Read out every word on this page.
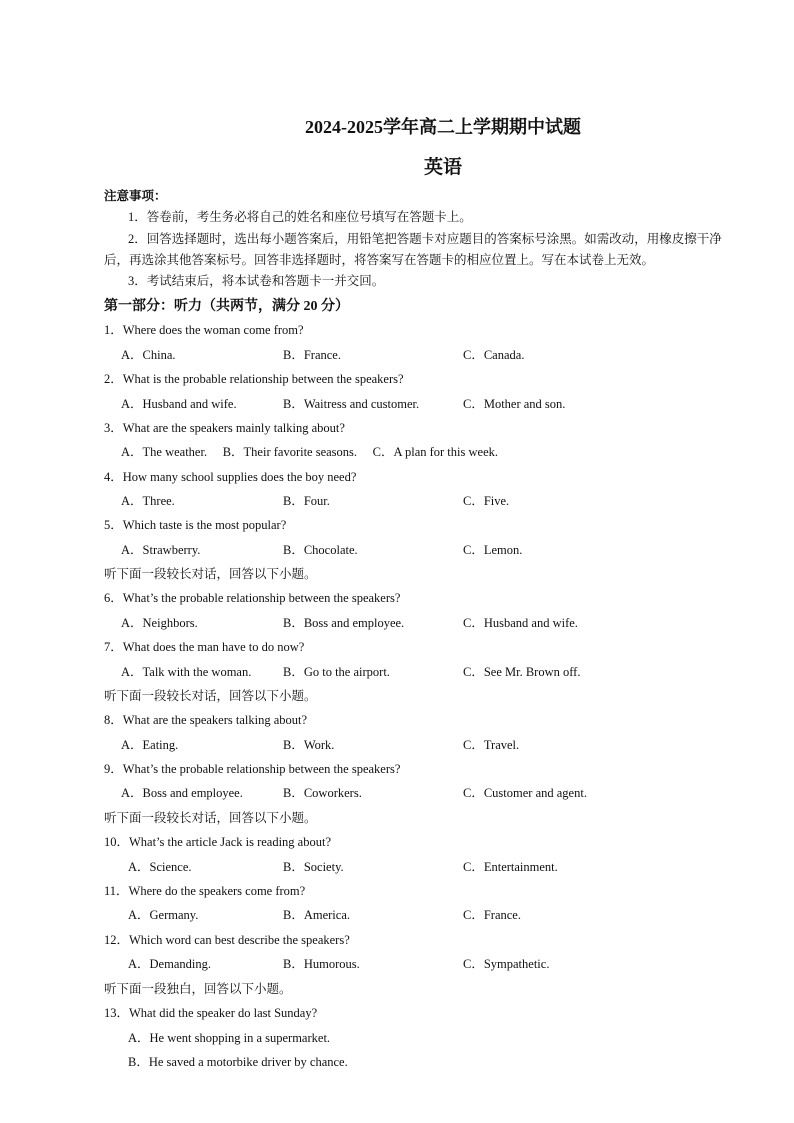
2024-2025学年高二上学期期中试题
英语
注意事项：
1．答卷前，考生务必将自己的姓名和座位号填写在答题卡上。
2．回答选择题时，选出每小题答案后，用铅笔把答题卡对应题目的答案标号涂黑。如需改动，用橡皮擦干净
后，再选涂其他答案标号。回答非选择题时，将答案写在答题卡的相应位置上。写在本试卷上无效。
3．考试结束后，将本试卷和答题卡一并交回。
第一部分：听力（共两节，满分 20 分）
1．Where does the woman come from?
A．China.	B．France.	C．Canada.
2．What is the probable relationship between the speakers?
A．Husband and wife.	B．Waitress and customer.	C．Mother and son.
3．What are the speakers mainly talking about?
A．The weather.     B．Their favorite seasons.     C．A plan for this week.
4．How many school supplies does the boy need?
A．Three.	B．Four.	C．Five.
5．Which taste is the most popular?
A．Strawberry.	B．Chocolate.	C．Lemon.
听下面一段较长对话，回答以下小题。
6．What’s the probable relationship between the speakers?
A．Neighbors.	B．Boss and employee.	C．Husband and wife.
7．What does the man have to do now?
A．Talk with the woman.	B．Go to the airport.	C．See Mr. Brown off.
听下面一段较长对话，回答以下小题。
8．What are the speakers talking about?
A．Eating.	B．Work.	C．Travel.
9．What’s the probable relationship between the speakers?
A．Boss and employee.	B．Coworkers.	C．Customer and agent.
听下面一段较长对话，回答以下小题。
10．What’s the article Jack is reading about?
A．Science.	B．Society.	C．Entertainment.
11．Where do the speakers come from?
A．Germany.	B．America.	C．France.
12．Which word can best describe the speakers?
A．Demanding.	B．Humorous.	C．Sympathetic.
听下面一段独白，回答以下小题。
13．What did the speaker do last Sunday?
A．He went shopping in a supermarket.
B．He saved a motorbike driver by chance.
